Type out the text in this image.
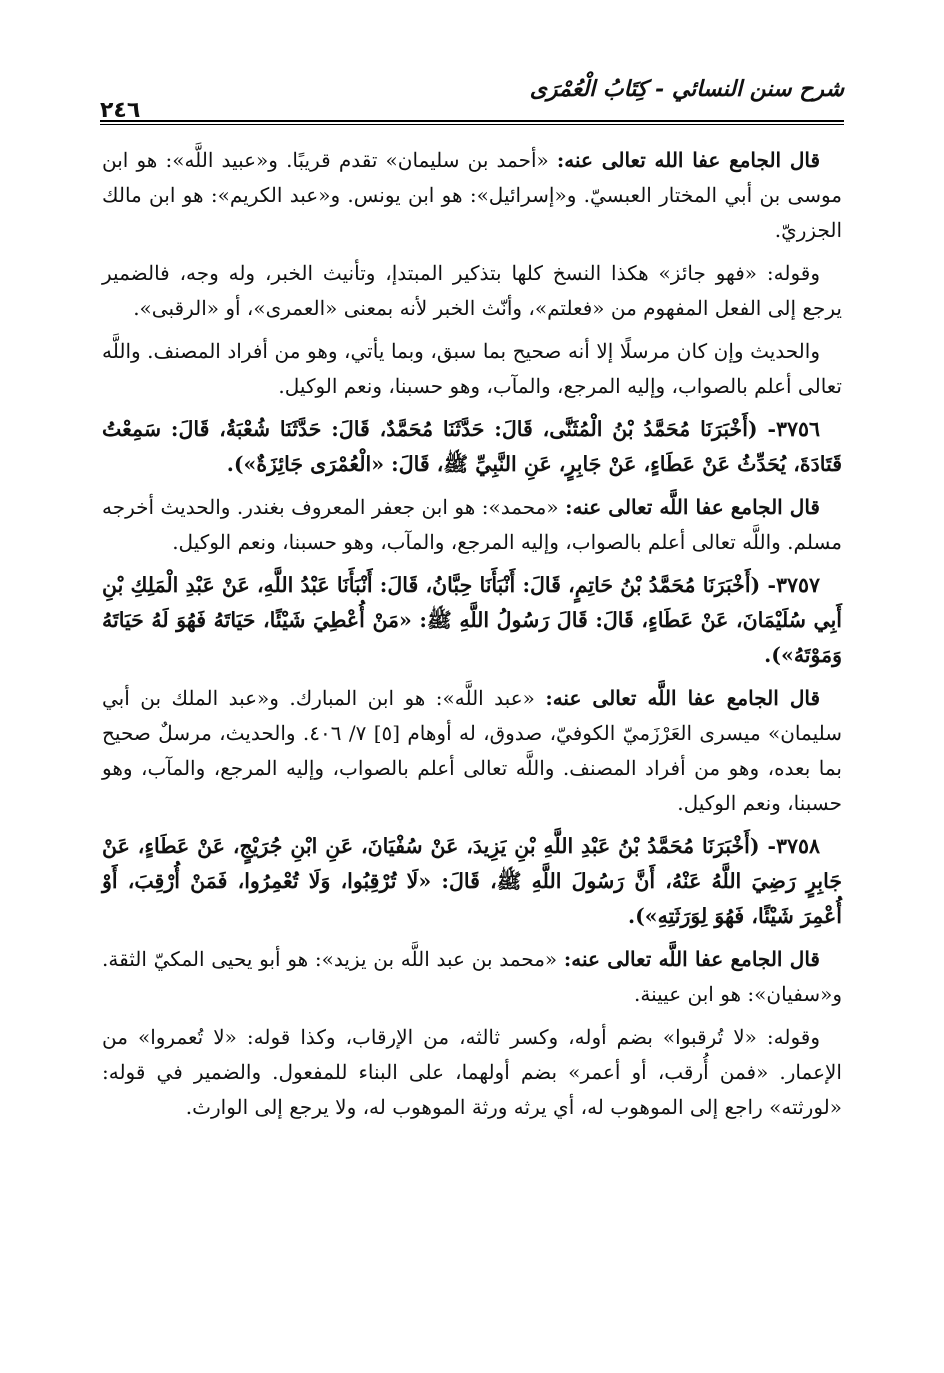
شرح سنن النسائي - كِتَابُ الْعُمْرَى
٢٤٦

قال الجامع عفا الله تعالى عنه: «أحمد بن سليمان» تقدم قريبًا. و«عبيد اللَّه»: هو ابن موسى بن أبي المختار العبسيّ. و«إسرائيل»: هو ابن يونس. و«عبد الكريم»: هو ابن مالك الجزريّ.

وقوله: «فهو جائز» هكذا النسخ كلها بتذكير المبتدإ، وتأنيث الخبر، وله وجه، فالضمير يرجع إلى الفعل المفهوم من «فعلتم»، وأنّث الخبر لأنه بمعنى «العمرى»، أو «الرقبى».

والحديث وإن كان مرسلًا إلا أنه صحيح بما سبق، وبما يأتي، وهو من أفراد المصنف. واللَّه تعالى أعلم بالصواب، وإليه المرجع، والمآب، وهو حسبنا، ونعم الوكيل.

٣٧٥٦- (أَخْبَرَنَا مُحَمَّدُ بْنُ الْمُثَنَّى، قَالَ: حَدَّثَنَا مُحَمَّدٌ، قَالَ: حَدَّثَنَا شُعْبَةُ، قَالَ: سَمِعْتُ قَتَادَةَ، يُحَدِّثُ عَنْ عَطَاءٍ، عَنْ جَابِرٍ، عَنِ النَّبِيِّ ﷺ، قَالَ: «الْعُمْرَى جَائِزَةٌ»).

قال الجامع عفا اللَّه تعالى عنه: «محمد»: هو ابن جعفر المعروف بغندر. والحديث أخرجه مسلم. واللَّه تعالى أعلم بالصواب، وإليه المرجع، والمآب، وهو حسبنا، ونعم الوكيل.

٣٧٥٧- (أَخْبَرَنَا مُحَمَّدُ بْنُ حَاتِمٍ، قَالَ: أَنْبَأَنَا حِبَّانُ، قَالَ: أَنْبَأَنَا عَبْدُ اللَّهِ، عَنْ عَبْدِ الْمَلِكِ بْنِ أَبِي سُلَيْمَانَ، عَنْ عَطَاءٍ، قَالَ: قَالَ رَسُولُ اللَّهِ ﷺ: «مَنْ أُعْطِيَ شَيْئًا، حَيَاتَهُ فَهُوَ لَهُ حَيَاتَهُ وَمَوْتَهُ»).

قال الجامع عفا اللَّه تعالى عنه: «عبد اللَّه»: هو ابن المبارك. و«عبد الملك بن أبي سليمان» ميسرى العَرْزَميّ الكوفيّ، صدوق، له أوهام [٥] ٧/ ٤٠٦. والحديث، مرسلٌ صحيح بما بعده، وهو من أفراد المصنف. واللَّه تعالى أعلم بالصواب، وإليه المرجع، والمآب، وهو حسبنا، ونعم الوكيل.

٣٧٥٨- (أَخْبَرَنَا مُحَمَّدُ بْنُ عَبْدِ اللَّهِ بْنِ يَزِيدَ، عَنْ سُفْيَانَ، عَنِ ابْنِ جُرَيْجٍ، عَنْ عَطَاءٍ، عَنْ جَابِرٍ رَضِيَ اللَّهُ عَنْهُ، أَنَّ رَسُولَ اللَّهِ ﷺ، قَالَ: «لَا تُرْقِبُوا، وَلَا تُعْمِرُوا، فَمَنْ أُرْقِبَ، أَوْ أُعْمِرَ شَيْئًا، فَهُوَ لِوَرَثَتِهِ»).

قال الجامع عفا اللَّه تعالى عنه: «محمد بن عبد اللَّه بن يزيد»: هو أبو يحيى المكيّ الثقة. و«سفيان»: هو ابن عيينة.

وقوله: «لا تُرقبوا» بضم أوله، وكسر ثالثه، من الإرقاب، وكذا قوله: «لا تُعمروا» من الإعمار. «فمن أُرقب، أو أعمر» بضم أولهما، على البناء للمفعول. والضمير في قوله: «لورثته» راجع إلى الموهوب له، أي يرثه ورثة الموهوب له، ولا يرجع إلى الوارث.
